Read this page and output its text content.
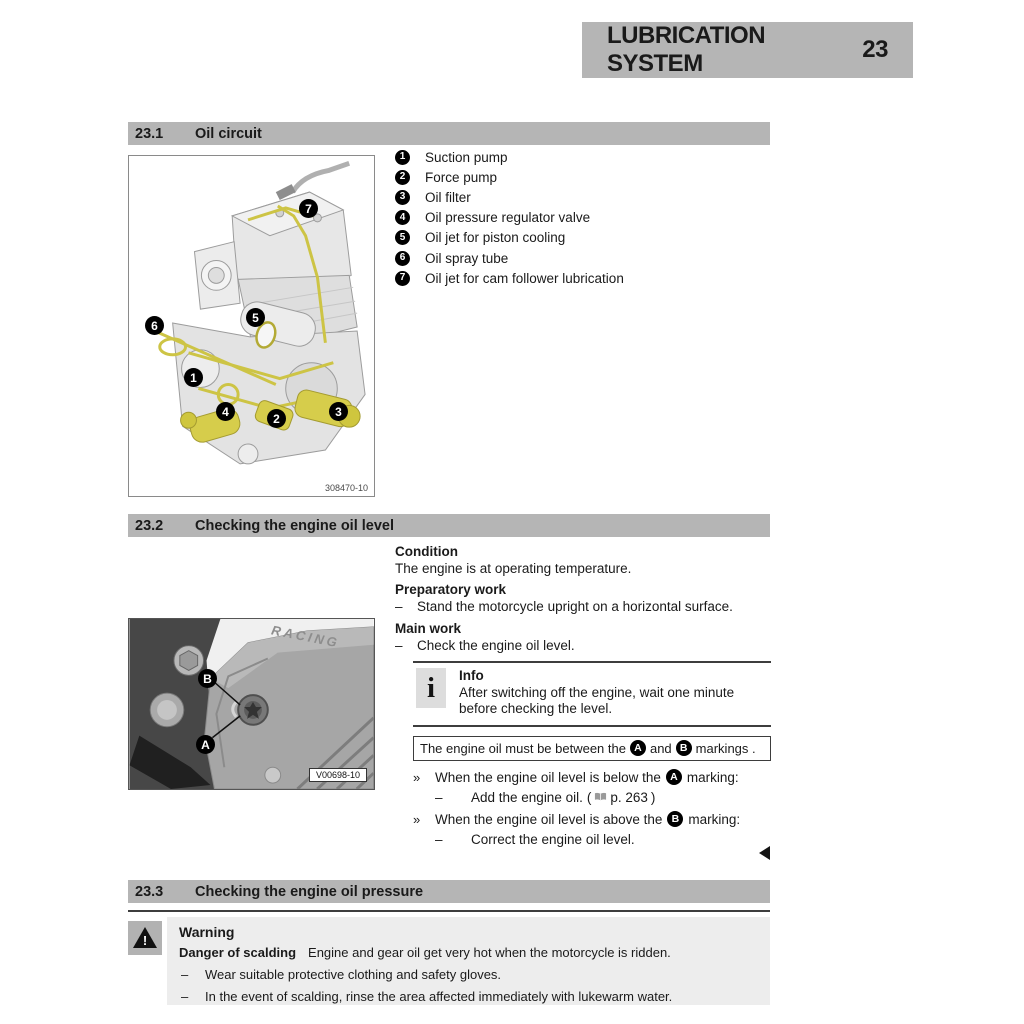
LUBRICATION SYSTEM
23
23.1	Oil circuit
7
6
5
1
4	2	3
308470-10
1	Suction pump
2	Force pump
3	Oil filter
4	Oil pressure regulator valve
5	Oil jet for piston cooling
6	Oil spray tube
7	Oil jet for cam follower lubrication
23.2	Checking the engine oil level
RACING
B
A
V00698-10
Condition
The engine is at operating temperature.
Preparatory work
–	Stand the motorcycle upright on a horizontal surface.
Main work
–	Check the engine oil level.
i	Info
After switching off the engine, wait one minute before checking the level.
The engine oil must be between the A and B markings .
»	When the engine oil level is below the A marking:
–	Add the engine oil. ( p. 263 )
»	When the engine oil level is above the B marking:
–	Correct the engine oil level.
23.3	Checking the engine oil pressure
!
Warning
Danger of scalding Engine and gear oil get very hot when the motorcycle is ridden.
–	Wear suitable protective clothing and safety gloves.
–	In the event of scalding, rinse the area affected immediately with lukewarm water.
